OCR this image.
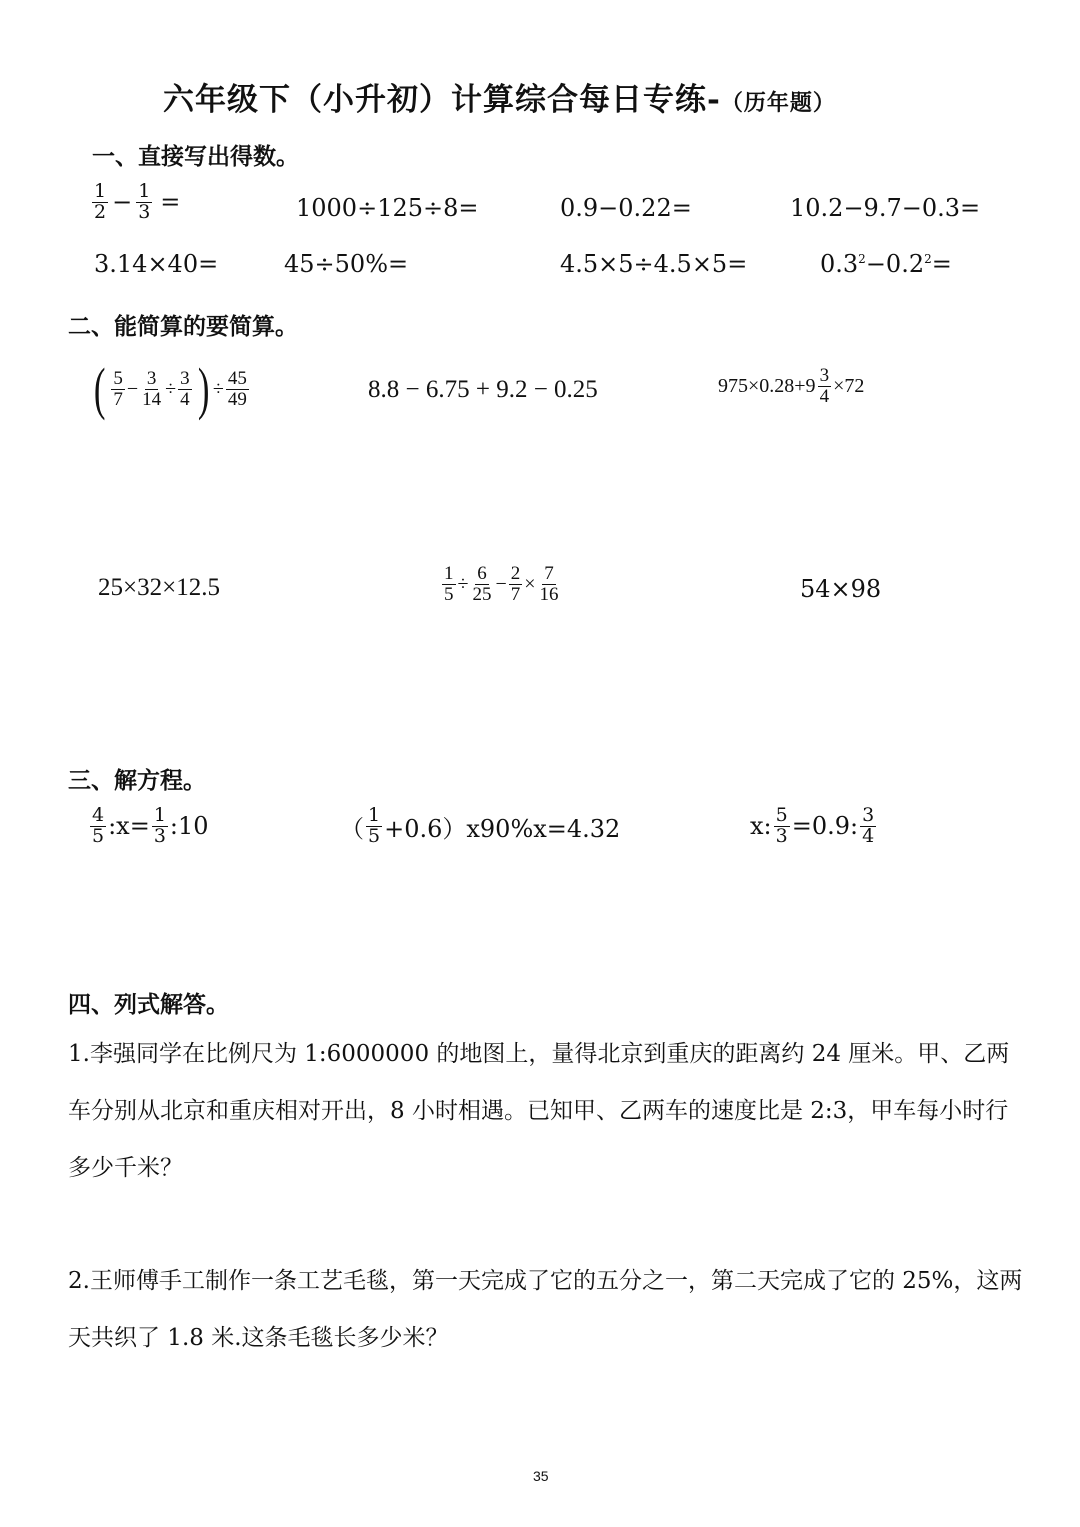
六年级下（小升初）计算综合每日专练-（历年题）
一、直接写出得数。
$\frac{1}{2} - \frac{1}{3}$ =	1000÷125÷8=	0.9−0.22=	10.2−9.7−0.3=
3.14×40=	45÷50%=	4.5×5÷4.5×5=	$0.3^2-0.2^2=$
二、能简算的要简算。
( $\frac{5}{7} - \frac{3}{14} \div \frac{3}{4}$ ) ÷ $\frac{45}{49}$	8.8 − 6.75 + 9.2 − 0.25	$975\times 0.28+9 \frac{3}{4} \times 72$
25×32×12.5	$\frac{1}{5} \div \frac{6}{25} - \frac{2}{7} \times \frac{7}{16}$	54×98
三、解方程。
$\frac{4}{5}$ :x= $\frac{1}{3}$ :10	（ $\frac{1}{5} +0.6)x90\%x=4.32$	x: $\frac{5}{3} =0.9$: $\frac{3}{4}$
四、列式解答。
1.李强同学在比例尺为 1:6000000 的地图上，量得北京到重庆的距离约 24 厘米。甲、乙两车分别从北京和重庆相对开出，8 小时相遇。已知甲、乙两车的速度比是 2:3，甲车每小时行多少千米？
2.王师傅手工制作一条工艺毛毯，第一天完成了它的五分之一，第二天完成了它的 25%，这两天共织了 1.8 米.这条毛毯长多少米？
35
